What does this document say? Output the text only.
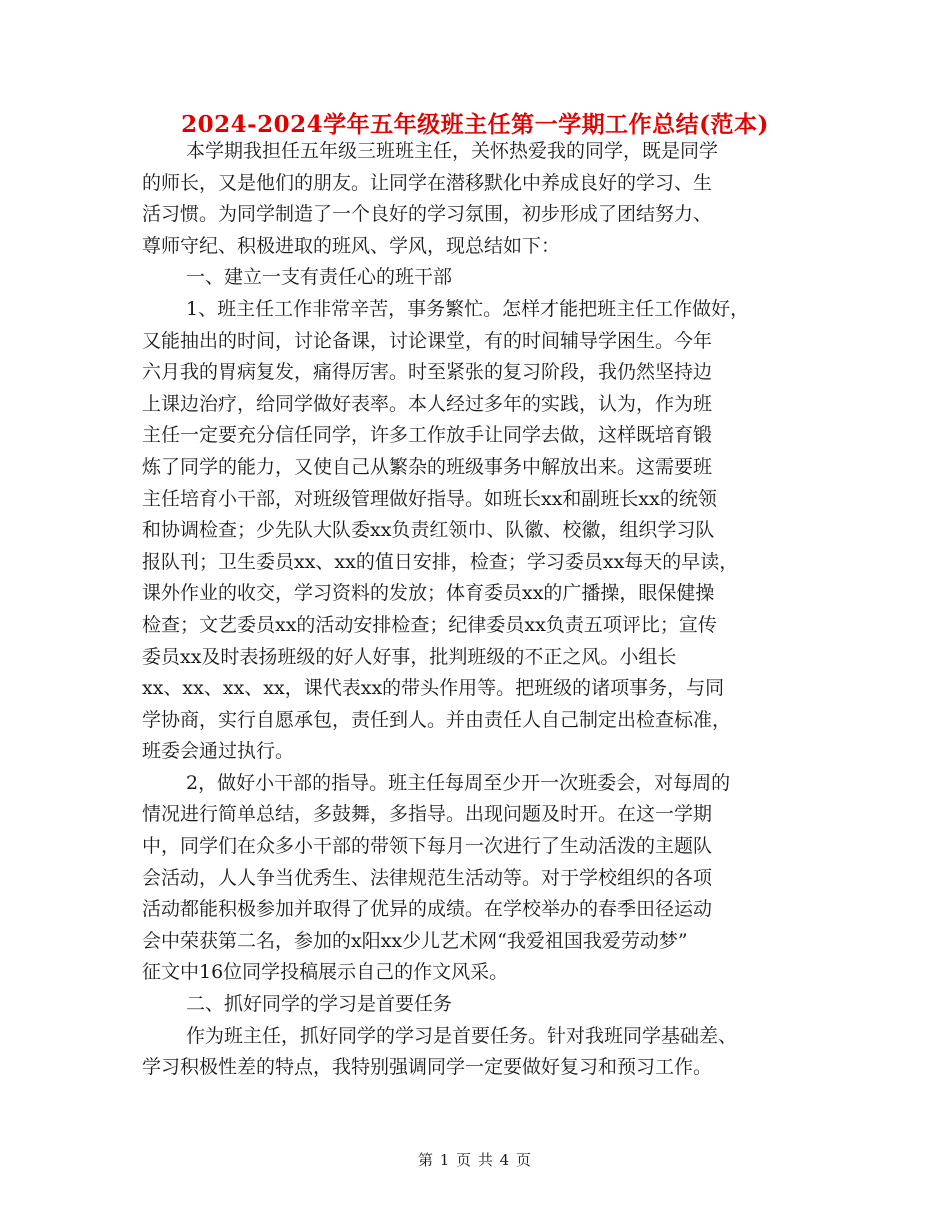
2024-2024学年五年级班主任第一学期工作总结(范本)
本学期我担任五年级三班班主任，关怀热爱我的同学，既是同学
的师长，又是他们的朋友。让同学在潜移默化中养成良好的学习、生
活习惯。为同学制造了一个良好的学习氛围，初步形成了团结努力、
尊师守纪、积极进取的班风、学风，现总结如下：
一、建立一支有责任心的班干部
1、班主任工作非常辛苦，事务繁忙。怎样才能把班主任工作做好，
又能抽出的时间，讨论备课，讨论课堂，有的时间辅导学困生。今年
六月我的胃病复发，痛得厉害。时至紧张的复习阶段，我仍然坚持边
上课边治疗，给同学做好表率。本人经过多年的实践，认为，作为班
主任一定要充分信任同学，许多工作放手让同学去做，这样既培育锻
炼了同学的能力，又使自己从繁杂的班级事务中解放出来。这需要班
主任培育小干部，对班级管理做好指导。如班长xx和副班长xx的统领
和协调检查；少先队大队委xx负责红领巾、队徽、校徽，组织学习队
报队刊；卫生委员xx、xx的值日安排，检查；学习委员xx每天的早读，
课外作业的收交，学习资料的发放；体育委员xx的广播操，眼保健操
检查；文艺委员xx的活动安排检查；纪律委员xx负责五项评比；宣传
委员xx及时表扬班级的好人好事，批判班级的不正之风。小组长
xx、xx、xx、xx，课代表xx的带头作用等。把班级的诸项事务，与同
学协商，实行自愿承包，责任到人。并由责任人自己制定出检查标准，
班委会通过执行。
2，做好小干部的指导。班主任每周至少开一次班委会，对每周的
情况进行简单总结，多鼓舞，多指导。出现问题及时开。在这一学期
中，同学们在众多小干部的带领下每月一次进行了生动活泼的主题队
会活动，人人争当优秀生、法律规范生活动等。对于学校组织的各项
活动都能积极参加并取得了优异的成绩。在学校举办的春季田径运动
会中荣获第二名，参加的x阳xx少儿艺术网“我爱祖国我爱劳动梦”
征文中16位同学投稿展示自己的作文风采。
二、抓好同学的学习是首要任务
作为班主任，抓好同学的学习是首要任务。针对我班同学基础差、
学习积极性差的特点，我特别强调同学一定要做好复习和预习工作。
第 1 页 共 4 页
